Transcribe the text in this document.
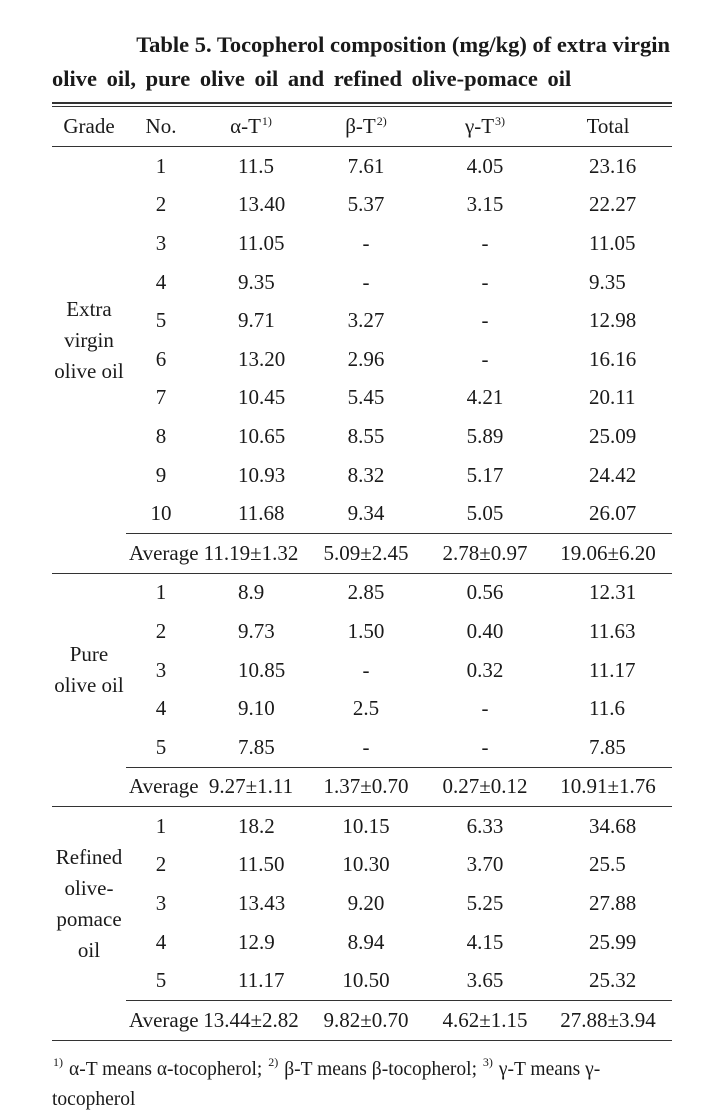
Table 5. Tocopherol composition (mg/kg) of extra virgin
olive oil, pure olive oil and refined olive-pomace oil
Grade	No.	$\alpha-T^{1)}$	$\beta-T^{2)}$	$\gamma-T^{3)}$	Total
Extra virgin olive oil	1	11.5	7.61	4.05	23.16
	2	13.40	5.37	3.15	22.27
	3	11.05	-	-	11.05
	4	9.35	-	-	9.35
	5	9.71	3.27	-	12.98
	6	13.20	2.96	-	16.16
	7	10.45	5.45	4.21	20.11
	8	10.65	8.55	5.89	25.09
	9	10.93	8.32	5.17	24.42
	10	11.68	9.34	5.05	26.07
	Average	11.19±1.32	5.09±2.45	2.78±0.97	19.06±6.20
Pure olive oil	1	8.9	2.85	0.56	12.31
	2	9.73	1.50	0.40	11.63
	3	10.85	-	0.32	11.17
	4	9.10	2.5	-	11.6
	5	7.85	-	-	7.85
	Average	9.27±1.11	1.37±0.70	0.27±0.12	10.91±1.76
Refined olive-pomace oil	1	18.2	10.15	6.33	34.68
	2	11.50	10.30	3.70	25.5
	3	13.43	9.20	5.25	27.88
	4	12.9	8.94	4.15	25.99
	5	11.17	10.50	3.65	25.32
	Average	13.44±2.82	9.82±0.70	4.62±1.15	27.88±3.94
$^{1)}$ α-T means α-tocopherol; $^{2)}$ β-T means β-tocopherol; $^{3)}$ γ-T means γ-tocopherol
